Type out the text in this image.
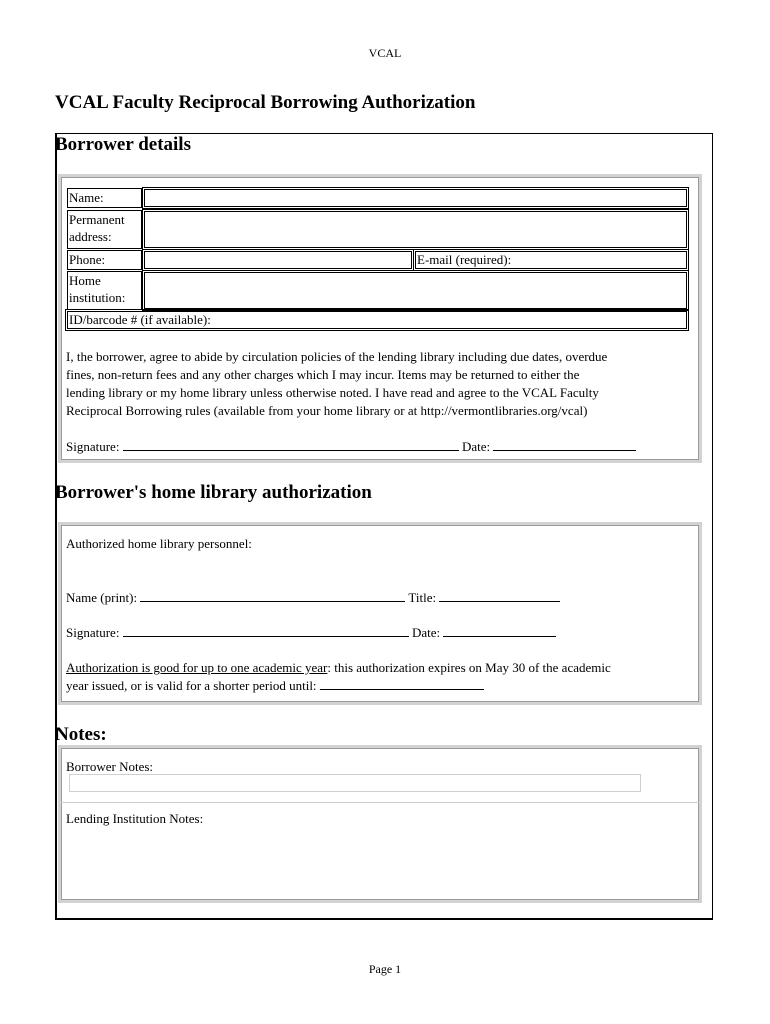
VCAL
VCAL Faculty Reciprocal Borrowing Authorization
Borrower details
Name:
Permanent
address:
Phone:	E-mail (required):
Home
institution:
ID/barcode # (if available):
I, the borrower, agree to abide by circulation policies of the lending library including due dates, overdue
fines, non-return fees and any other charges which I may incur. Items may be returned to either the
lending library or my home library unless otherwise noted. I have read and agree to the VCAL Faculty
Reciprocal Borrowing rules (available from your home library or at http://vermontlibraries.org/vcal)
Signature:	Date:
Borrower's home library authorization
Authorized home library personnel:
Name (print):	Title:
Signature:	Date:
Authorization is good for up to one academic year: this authorization expires on May 30 of the academic
year issued, or is valid for a shorter period until:
Notes:
Borrower Notes:
Lending Institution Notes:
Page 1
